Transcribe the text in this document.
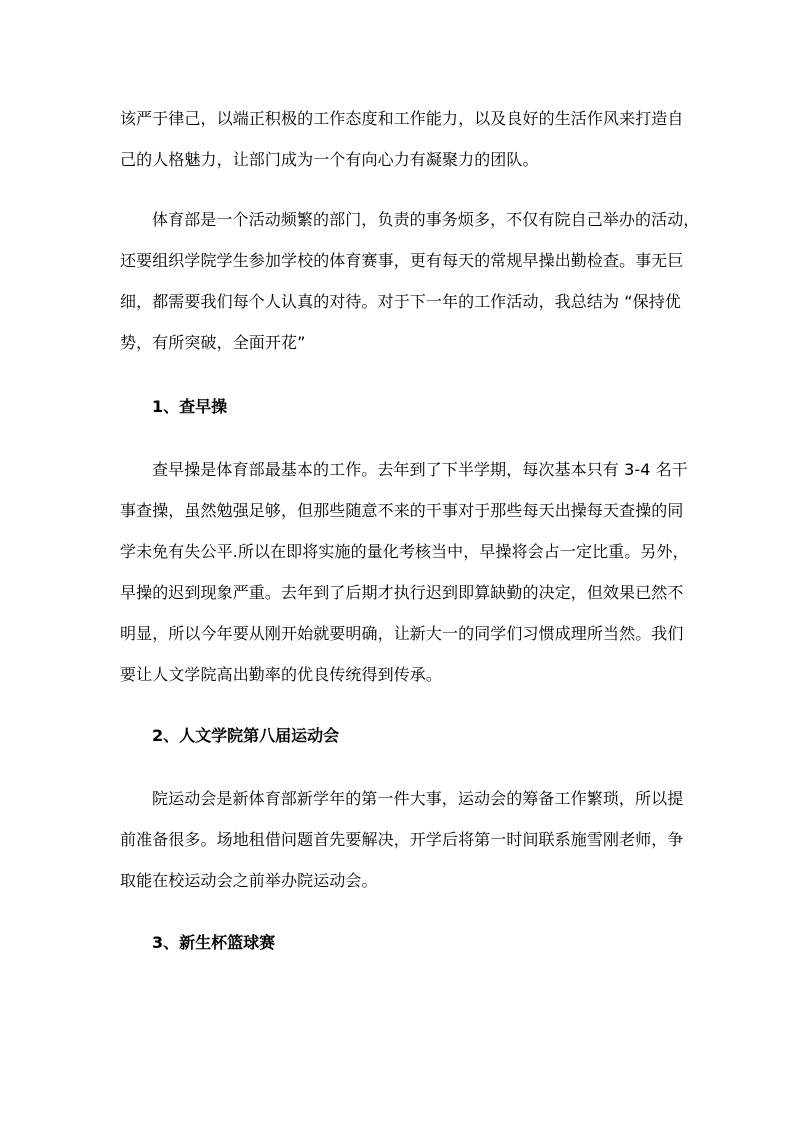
该严于律己，以端正积极的工作态度和工作能力，以及良好的生活作风来打造自
己的人格魅力，让部门成为一个有向心力有凝聚力的团队。
体育部是一个活动频繁的部门，负责的事务烦多，不仅有院自己举办的活动，
还要组织学院学生参加学校的体育赛事，更有每天的常规早操出勤检查。事无巨
细，都需要我们每个人认真的对待。对于下一年的工作活动，我总结为 “保持优
势，有所突破，全面开花”
1、查早操
查早操是体育部最基本的工作。去年到了下半学期，每次基本只有 3-4 名干
事查操，虽然勉强足够，但那些随意不来的干事对于那些每天出操每天查操的同
学未免有失公平.所以在即将实施的量化考核当中，早操将会占一定比重。另外，
早操的迟到现象严重。去年到了后期才执行迟到即算缺勤的决定，但效果已然不
明显，所以今年要从刚开始就要明确，让新大一的同学们习惯成理所当然。我们
要让人文学院高出勤率的优良传统得到传承。
2、人文学院第八届运动会
院运动会是新体育部新学年的第一件大事，运动会的筹备工作繁琐，所以提
前准备很多。场地租借问题首先要解决，开学后将第一时间联系施雪刚老师，争
取能在校运动会之前举办院运动会。
3、新生杯篮球赛
